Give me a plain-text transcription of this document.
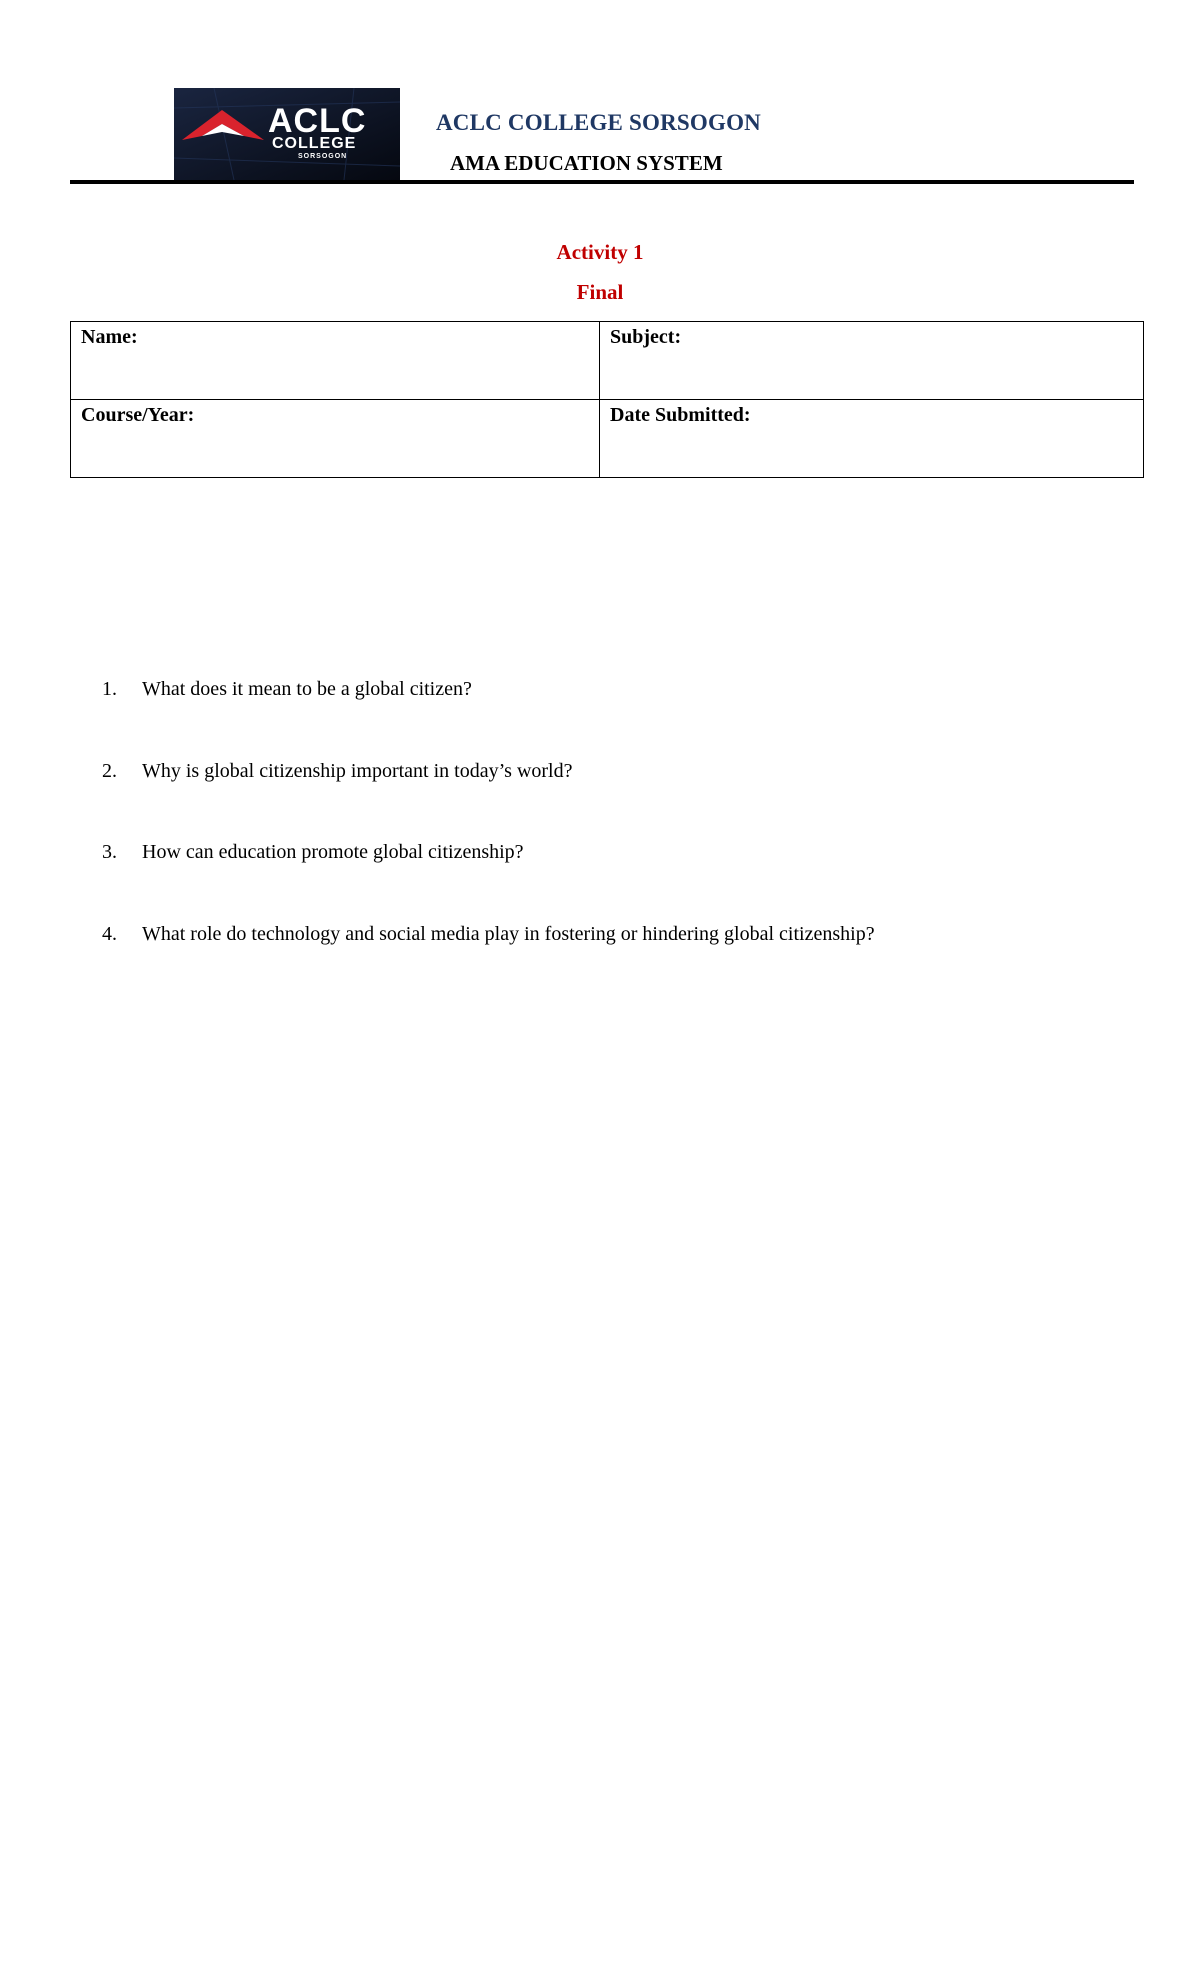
ACLC
COLLEGE
SORSOGON
ACLC COLLEGE SORSOGON
AMA EDUCATION SYSTEM
Activity 1
Final
Name:	Subject:
Course/Year:	Date Submitted:
1.	What does it mean to be a global citizen?
2.	Why is global citizenship important in today’s world?
3.	How can education promote global citizenship?
4.	What role do technology and social media play in fostering or hindering global citizenship?
